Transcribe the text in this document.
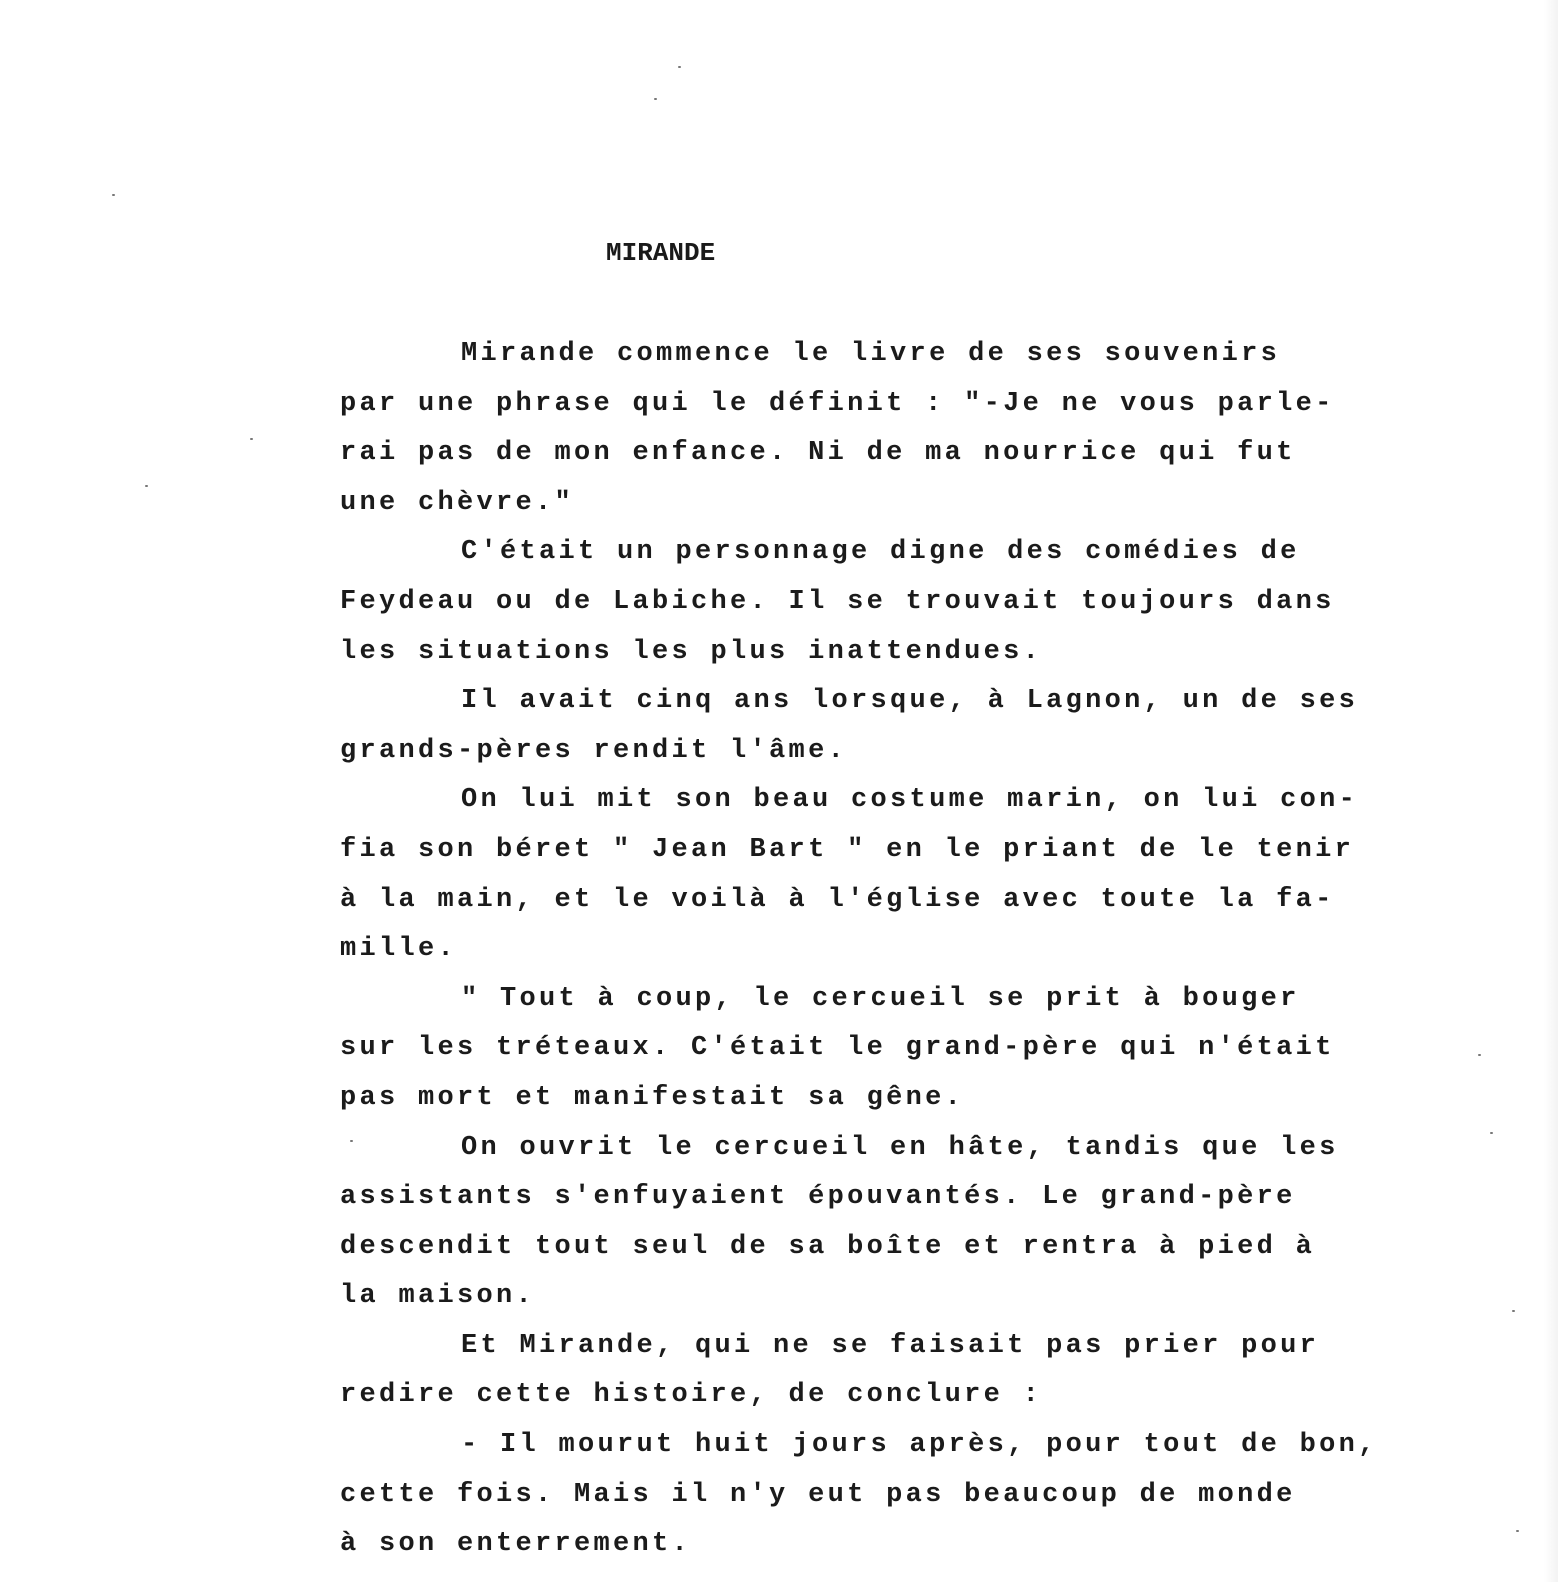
MIRANDE
Mirande commence le livre de ses souvenirs
par une phrase qui le définit : "-Je ne vous parle-
rai pas de mon enfance. Ni de ma nourrice qui fut
une chèvre."
C'était un personnage digne des comédies de
Feydeau ou de Labiche. Il se trouvait toujours dans
les situations les plus inattendues.
Il avait cinq ans lorsque, à Lagnon, un de ses
grands-pères rendit l'âme.
On lui mit son beau costume marin, on lui con-
fia son béret " Jean Bart " en le priant de le tenir
à la main, et le voilà à l'église avec toute la fa-
mille.
" Tout à coup, le cercueil se prit à bouger
sur les tréteaux. C'était le grand-père qui n'était
pas mort et manifestait sa gêne.
On ouvrit le cercueil en hâte, tandis que les
assistants s'enfuyaient épouvantés. Le grand-père
descendit tout seul de sa boîte et rentra à pied à
la maison.
Et Mirande, qui ne se faisait pas prier pour
redire cette histoire, de conclure :
- Il mourut huit jours après, pour tout de bon,
cette fois. Mais il n'y eut pas beaucoup de monde
à son enterrement.
